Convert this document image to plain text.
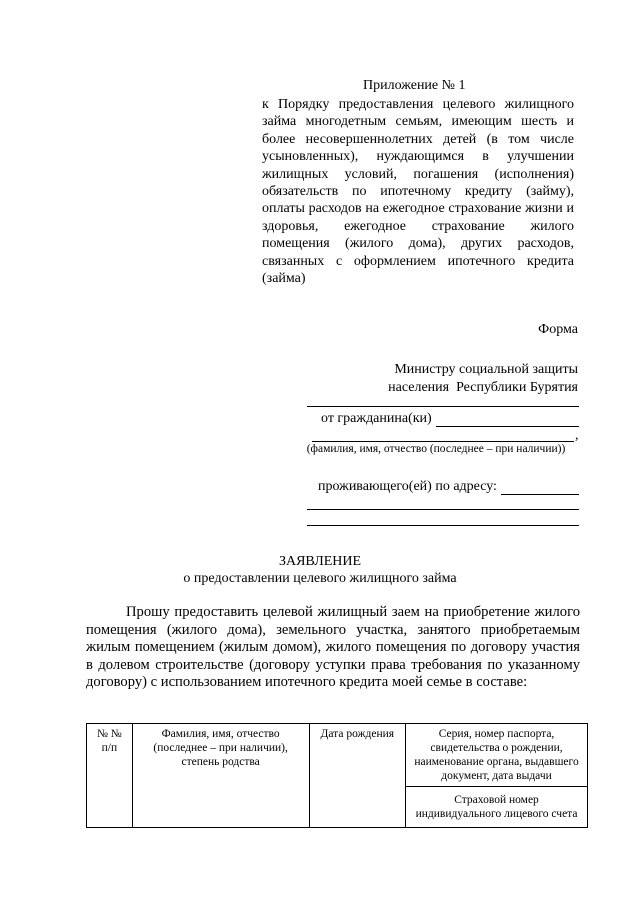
Приложение № 1
к Порядку предоставления целевого жилищного займа многодетным семьям, имеющим шесть и более несовершеннолетних детей (в том числе усыновленных), нуждающимся в улучшении жилищных условий, погашения (исполнения) обязательств по ипотечному кредиту (займу), оплаты расходов на ежегодное страхование жизни и здоровья, ежегодное страхование жилого помещения (жилого дома), других расходов, связанных с оформлением ипотечного кредита (займа)
Форма
Министру социальной защиты
населения  Республики Бурятия
от гражданина(ки)
,
(фамилия, имя, отчество (последнее – при наличии))
проживающего(ей) по адресу:
ЗАЯВЛЕНИЕ
о предоставлении целевого жилищного займа
Прошу предоставить целевой жилищный заем на приобретение жилого помещения (жилого дома), земельного участка, занятого приобретаемым жилым помещением (жилым домом), жилого помещения по договору участия в долевом строительстве (договору уступки права требования по указанному договору) с использованием ипотечного кредита моей семье в составе:
№ №
п/п	Фамилия, имя, отчество (последнее – при наличии), степень родства	Дата рождения	Серия, номер паспорта, свидетельства о рождении, наименование органа, выдавшего документ, дата выдачи
Страховой номер индивидуального лицевого счета
